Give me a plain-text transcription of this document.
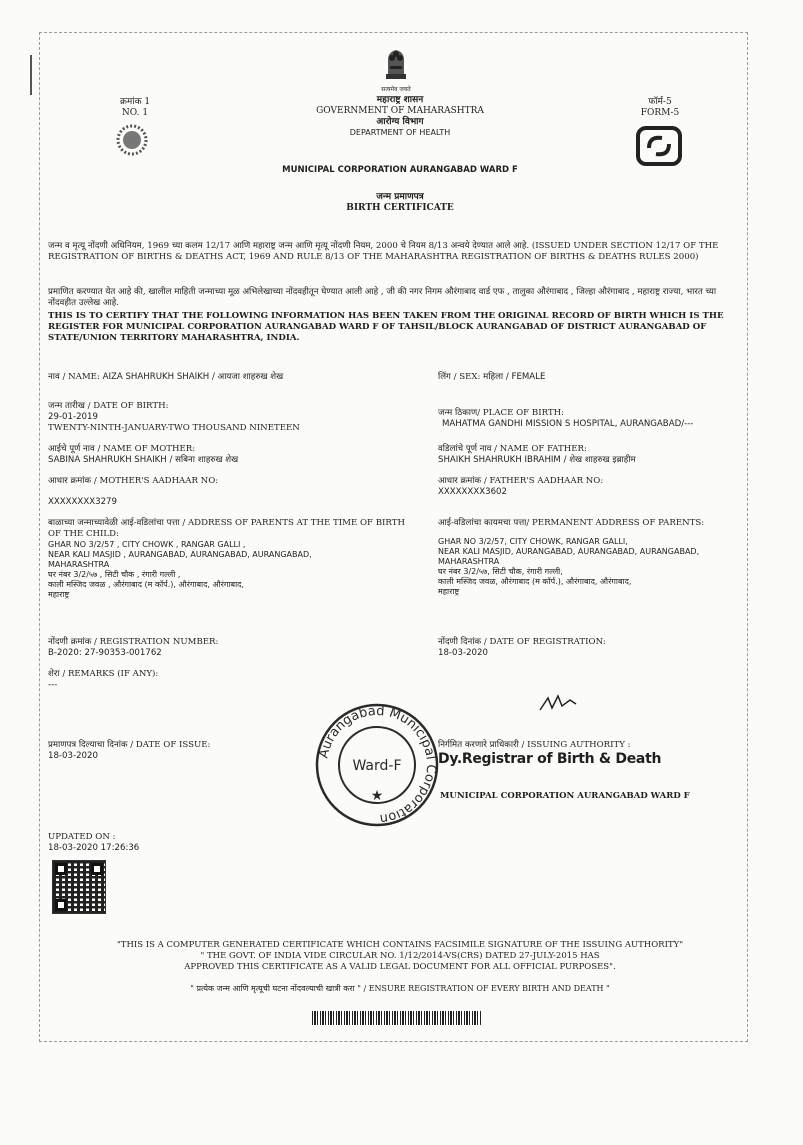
सत्यमेव जयते
क्रमांक 1
NO. 1
महाराष्ट्र शासन
GOVERNMENT OF MAHARASHTRA
आरोग्य विभाग
DEPARTMENT OF HEALTH
फॉर्म-5
FORM-5
MUNICIPAL CORPORATION AURANGABAD WARD F
जन्म प्रमाणपत्र
BIRTH CERTIFICATE
जन्म व मृत्यू नोंदणी अधिनियम, 1969 च्या कलम 12/17 आणि महाराष्ट्र जन्म आणि मृत्यू नोंदणी नियम, 2000 चे नियम 8/13 अन्वये देण्यात आले आहे. (ISSUED UNDER SECTION 12/17 OF THE REGISTRATION OF BIRTHS & DEATHS ACT, 1969 AND RULE 8/13 OF THE MAHARASHTRA REGISTRATION OF BIRTHS & DEATHS RULES 2000)
प्रमाणित करण्यात येत आहे की, खालील माहिती जन्माच्या मूळ अभिलेखाच्या नोंदवहीतून घेण्यात आली आहे , जी की नगर निगम औरंगाबाद वार्ड एफ , तालुका औरंगाबाद , जिल्हा औरंगाबाद , महाराष्ट्र राज्या, भारत च्या नोंदवहीत उल्लेख आहे.
THIS IS TO CERTIFY THAT THE FOLLOWING INFORMATION HAS BEEN TAKEN FROM THE ORIGINAL RECORD OF BIRTH WHICH IS THE REGISTER FOR MUNICIPAL CORPORATION AURANGABAD WARD F OF TAHSIL/BLOCK AURANGABAD OF DISTRICT AURANGABAD OF STATE/UNION TERRITORY MAHARASHTRA, INDIA.
नाव / NAME: AIZA SHAHRUKH SHAIKH / आयजा शाहरुख शेख
जन्म तारीख / DATE OF BIRTH:
29-01-2019
TWENTY-NINTH-JANUARY-TWO THOUSAND NINETEEN
आईचे पूर्ण नाव / NAME OF MOTHER:
SABINA SHAHRUKH SHAIKH / सबिना शाहरुख शेख
आधार क्रमांक / MOTHER'S AADHAAR NO:
XXXXXXXX3279
बाळाच्या जन्माच्यावेळी आई-वडिलांचा पत्ता / ADDRESS OF PARENTS AT THE TIME OF BIRTH OF THE CHILD:
GHAR NO 3/2/57 , CITY CHOWK , RANGAR GALLI ,
NEAR KALI MASJID , AURANGABAD, AURANGABAD, AURANGABAD,
MAHARASHTRA
घर नंबर 3/2/५७ , सिटी चौक , रंगारी गल्ली ,
काली मस्जिद जवळ , औरंगाबाद (म कॉर्प.), औरंगाबाद, औरंगाबाद,
महाराष्ट्र
नोंदणी क्रमांक / REGISTRATION NUMBER:
B-2020: 27-90353-001762
शेरा / REMARKS (IF ANY):
---
प्रमाणपत्र दिल्याचा दिनांक / DATE OF ISSUE:
18-03-2020
UPDATED ON :
18-03-2020 17:26:36
लिंग / SEX: महिला / FEMALE
जन्म ठिकाण/ PLACE OF BIRTH:
MAHATMA GANDHI MISSION S HOSPITAL, AURANGABAD/---
वडिलांचे पूर्ण नाव / NAME OF FATHER:
SHAIKH SHAHRUKH IBRAHIM / शेख शाहरुख इब्राहीम
आधार क्रमांक / FATHER'S AADHAAR NO:
XXXXXXXX3602
आई-वडिलांचा कायमचा पत्ता/ PERMANENT ADDRESS OF PARENTS:
GHAR NO 3/2/57, CITY CHOWK, RANGAR GALLI,
NEAR KALI MASJID, AURANGABAD, AURANGABAD, AURANGABAD,
MAHARASHTRA
घर नंबर 3/2/५७, सिटी चौक, रंगारी गल्ली,
काली मस्जिद जवळ, औरंगाबाद (म कॉर्प.), औरंगाबाद, औरंगाबाद,
महाराष्ट्र
नोंदणी दिनांक / DATE OF REGISTRATION:
18-03-2020
निर्गमित करणारे प्राधिकारी / ISSUING AUTHORITY :
Dy.Registrar of Birth & Death
MUNICIPAL CORPORATION AURANGABAD WARD F
Aurangabad Municipal Corporation
Ward-F
★
"THIS IS A COMPUTER GENERATED CERTIFICATE WHICH CONTAINS FACSIMILE SIGNATURE OF THE ISSUING AUTHORITY"
" THE GOVT. OF INDIA VIDE CIRCULAR NO. 1/12/2014-VS(CRS) DATED 27-JULY-2015 HAS
APPROVED THIS CERTIFICATE AS A VALID LEGAL DOCUMENT FOR ALL OFFICIAL PURPOSES".
" प्रत्येक जन्म आणि मृत्यूची घटना नोंदवल्याची खात्री करा " / ENSURE REGISTRATION OF EVERY BIRTH AND DEATH "
